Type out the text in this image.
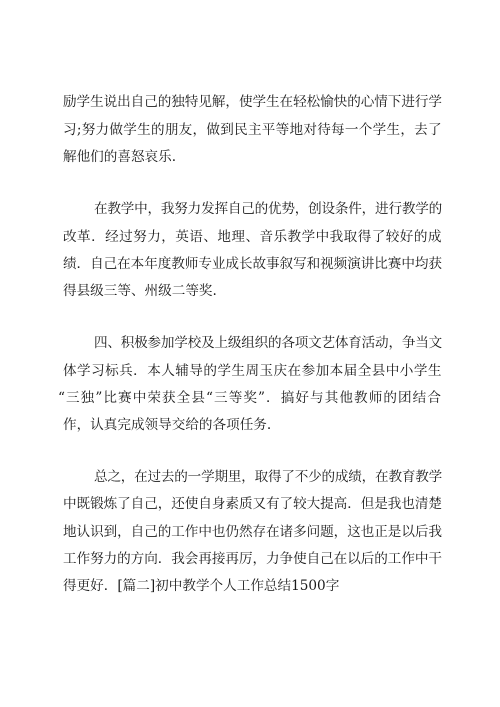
励学生说出自己的独特见解，使学生在轻松愉快的心情下进行学

习;努力做学生的朋友，做到民主平等地对待每一个学生，去了

解他们的喜怒哀乐.

在教学中，我努力发挥自己的优势，创设条件，进行教学的

改革．经过努力，英语、地理、音乐教学中我取得了较好的成

绩．自己在本年度教师专业成长故事叙写和视频演讲比赛中均获

得县级三等、州级二等奖.

四、积极参加学校及上级组织的各项文艺体育活动，争当文

体学习标兵．本人辅导的学生周玉庆在参加本届全县中小学生

“三独”比赛中荣获全县“三等奖”．搞好与其他教师的团结合

作，认真完成领导交给的各项任务.

总之，在过去的一学期里，取得了不少的成绩，在教育教学

中既锻炼了自己，还使自身素质又有了较大提高．但是我也清楚

地认识到，自己的工作中也仍然存在诸多问题，这也正是以后我

工作努力的方向．我会再接再厉，力争使自己在以后的工作中干

得更好．[篇二]初中教学个人工作总结1500字
